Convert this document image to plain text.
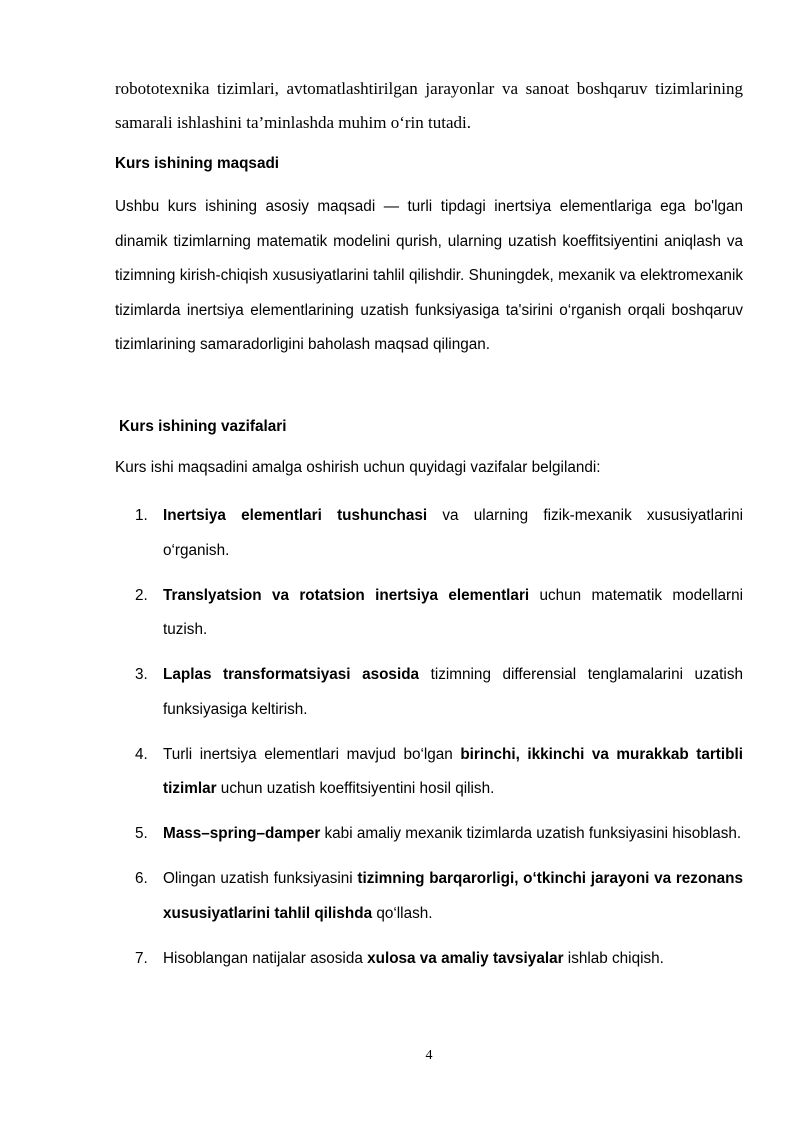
robototexnika tizimlari, avtomatlashtirilgan jarayonlar va sanoat boshqaruv tizimlarining samarali ishlashini ta’minlashda muhim o‘rin tutadi.

Kurs ishining maqsadi

Ushbu kurs ishining asosiy maqsadi — turli tipdagi inertsiya elementlariga ega bo'lgan dinamik tizimlarning matematik modelini qurish, ularning uzatish koeffitsiyentini aniqlash va tizimning kirish-chiqish xususiyatlarini tahlil qilishdir. Shuningdek, mexanik va elektromexanik tizimlarda inertsiya elementlarining uzatish funksiyasiga ta'sirini o‘rganish orqali boshqaruv tizimlarining samaradorligini baholash maqsad qilingan.

Kurs ishining vazifalari

Kurs ishi maqsadini amalga oshirish uchun quyidagi vazifalar belgilandi:

1. Inertsiya elementlari tushunchasi va ularning fizik-mexanik xususiyatlarini o‘rganish.
2. Translyatsion va rotatsion inertsiya elementlari uchun matematik modellarni tuzish.
3. Laplas transformatsiyasi asosida tizimning differensial tenglamalarini uzatish funksiyasiga keltirish.
4. Turli inertsiya elementlari mavjud bo‘lgan birinchi, ikkinchi va murakkab tartibli tizimlar uchun uzatish koeffitsiyentini hosil qilish.
5. Mass–spring–damper kabi amaliy mexanik tizimlarda uzatish funksiyasini hisoblash.
6. Olingan uzatish funksiyasini tizimning barqarorligi, o‘tkinchi jarayoni va rezonans xususiyatlarini tahlil qilishda qo‘llash.
7. Hisoblangan natijalar asosida xulosa va amaliy tavsiyalar ishlab chiqish.
4
